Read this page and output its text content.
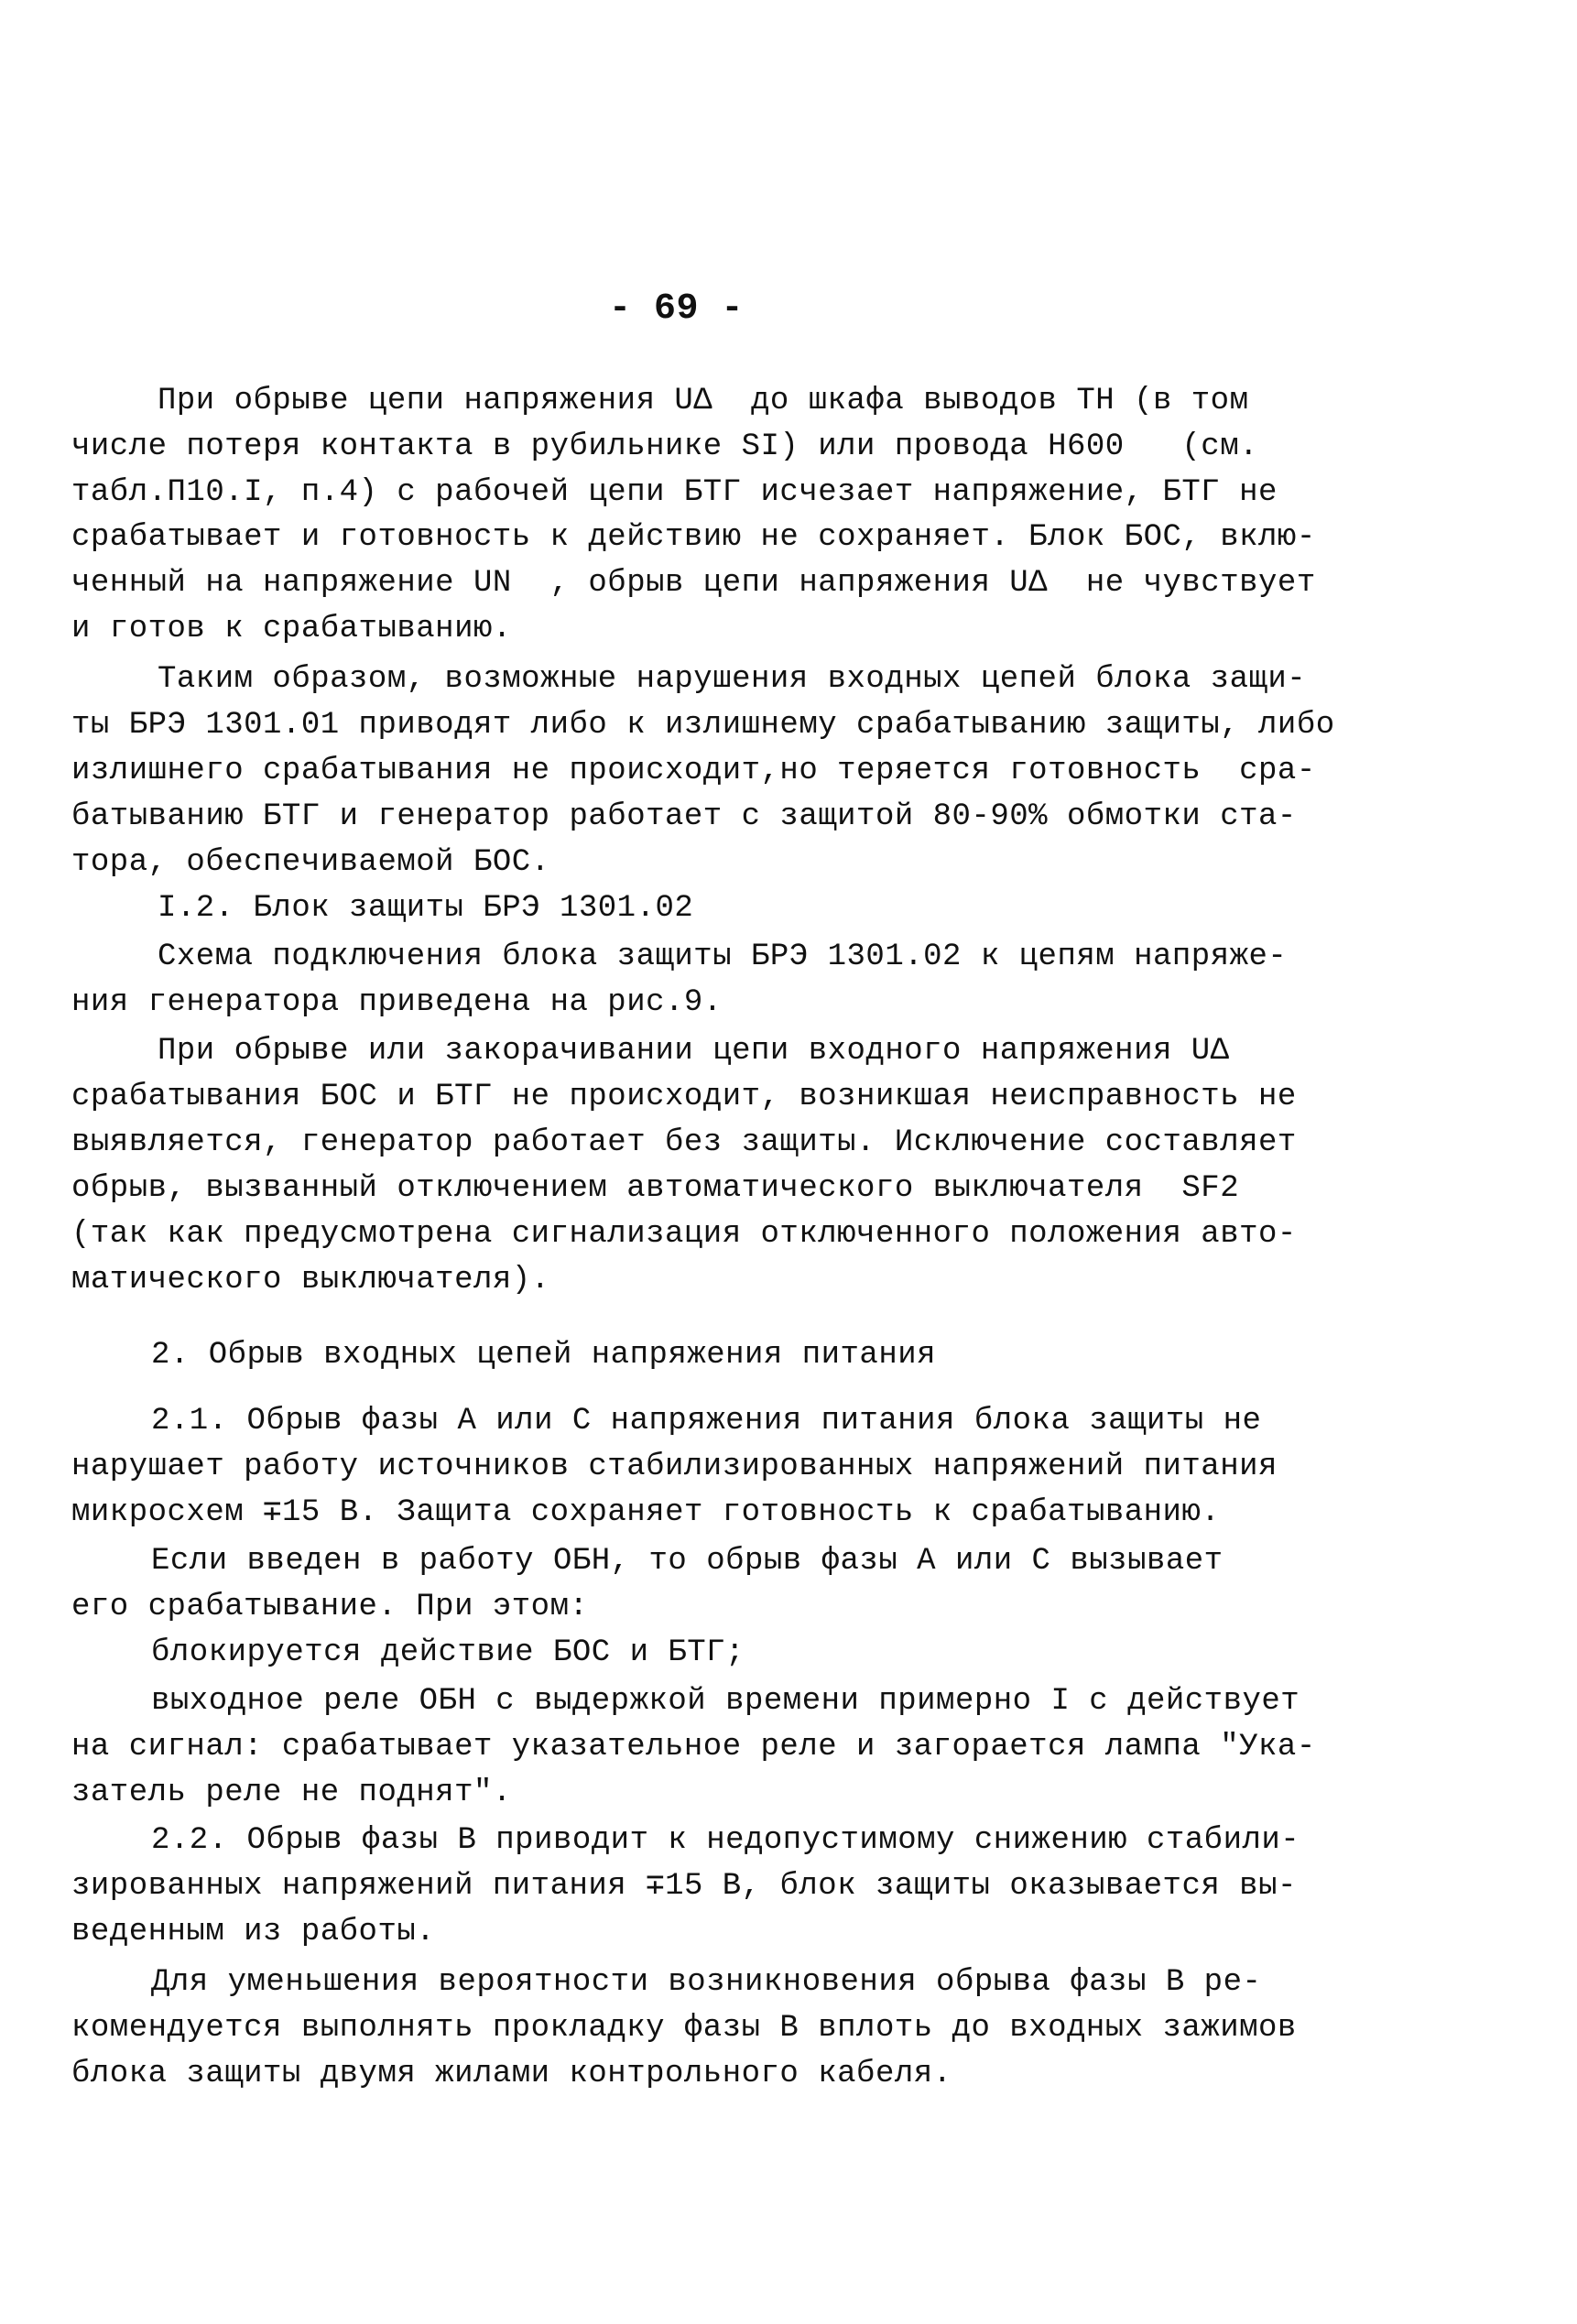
- 69 -
При обрыве цепи напряжения UΔ  до шкафа выводов ТН (в том
числе потеря контакта в рубильнике SI) или провода Н600   (см.
табл.П10.I, п.4) с рабочей цепи БТГ исчезает напряжение, БТГ не
срабатывает и готовность к действию не сохраняет. Блок БОС, вклю-
ченный на напряжение UN  , обрыв цепи напряжения UΔ  не чувствует
и готов к срабатыванию.
Таким образом, возможные нарушения входных цепей блока защи-
ты БРЭ 1301.01 приводят либо к излишнему срабатыванию защиты, либо
излишнего срабатывания не происходит,но теряется готовность  сра-
батыванию БТГ и генератор работает с защитой 80-90% обмотки ста-
тора, обеспечиваемой БОС.
I.2. Блок защиты БРЭ 1301.02
Схема подключения блока защиты БРЭ 1301.02 к цепям напряже-
ния генератора приведена на рис.9.
При обрыве или закорачивании цепи входного напряжения UΔ
срабатывания БОС и БТГ не происходит, возникшая неисправность не
выявляется, генератор работает без защиты. Исключение составляет
обрыв, вызванный отключением автоматического выключателя  SF2
(так как предусмотрена сигнализация отключенного положения авто-
матического выключателя).
2. Обрыв входных цепей напряжения питания
2.1. Обрыв фазы А или С напряжения питания блока защиты не
нарушает работу источников стабилизированных напряжений питания
микросхем ∓15 В. Защита сохраняет готовность к срабатыванию.
Если введен в работу ОБН, то обрыв фазы А или С вызывает
его срабатывание. При этом:
блокируется действие БОС и БТГ;
выходное реле ОБН с выдержкой времени примерно I с действует
на сигнал: срабатывает указательное реле и загорается лампа "Ука-
затель реле не поднят".
2.2. Обрыв фазы В приводит к недопустимому снижению стабили-
зированных напряжений питания ∓15 В, блок защиты оказывается вы-
веденным из работы.
Для уменьшения вероятности возникновения обрыва фазы В ре-
комендуется выполнять прокладку фазы В вплоть до входных зажимов
блока защиты двумя жилами контрольного кабеля.
